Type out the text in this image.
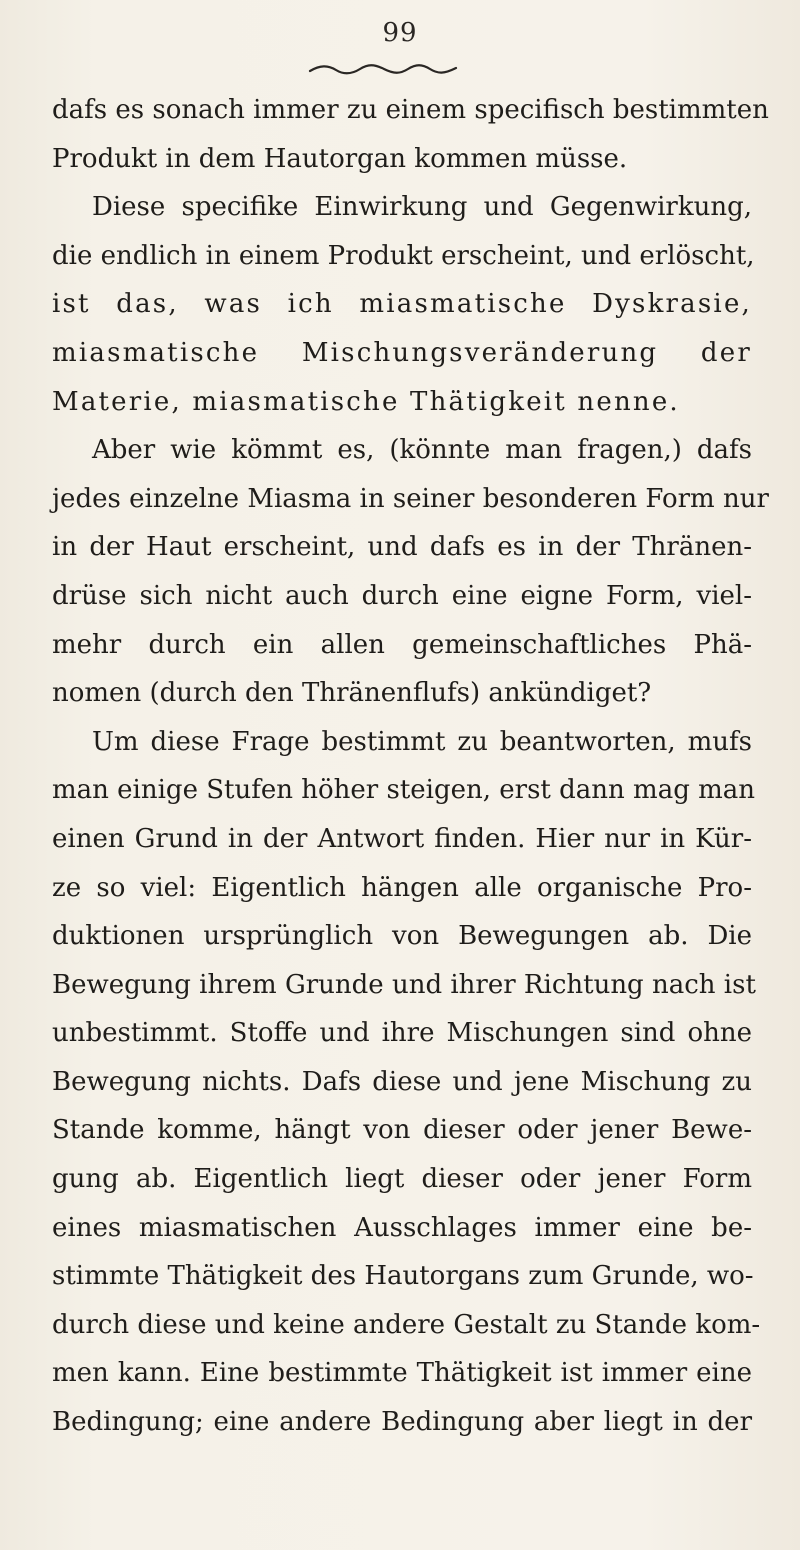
99
dafs es sonach immer zu einem specifisch bestimmten
Produkt in dem Hautorgan kommen müsse.
Diese specifike Einwirkung und Gegenwirkung,
die endlich in einem Produkt erscheint, und erlöscht,
ist das, was ich miasmatische Dyskrasie,
miasmatische Mischungsveränderung der
Materie, miasmatische Thätigkeit nenne.
Aber wie kömmt es, (könnte man fragen,) dafs
jedes einzelne Miasma in seiner besonderen Form nur
in der Haut erscheint, und dafs es in der Thränen-
drüse sich nicht auch durch eine eigne Form, viel-
mehr durch ein allen gemeinschaftliches Phä-
nomen (durch den Thränenflufs) ankündiget?
Um diese Frage bestimmt zu beantworten, mufs
man einige Stufen höher steigen, erst dann mag man
einen Grund in der Antwort finden. Hier nur in Kür-
ze so viel: Eigentlich hängen alle organische Pro-
duktionen ursprünglich von Bewegungen ab. Die
Bewegung ihrem Grunde und ihrer Richtung nach ist
unbestimmt. Stoffe und ihre Mischungen sind ohne
Bewegung nichts. Dafs diese und jene Mischung zu
Stande komme, hängt von dieser oder jener Bewe-
gung ab. Eigentlich liegt dieser oder jener Form
eines miasmatischen Ausschlages immer eine be-
stimmte Thätigkeit des Hautorgans zum Grunde, wo-
durch diese und keine andere Gestalt zu Stande kom-
men kann. Eine bestimmte Thätigkeit ist immer eine
Bedingung; eine andere Bedingung aber liegt in der
